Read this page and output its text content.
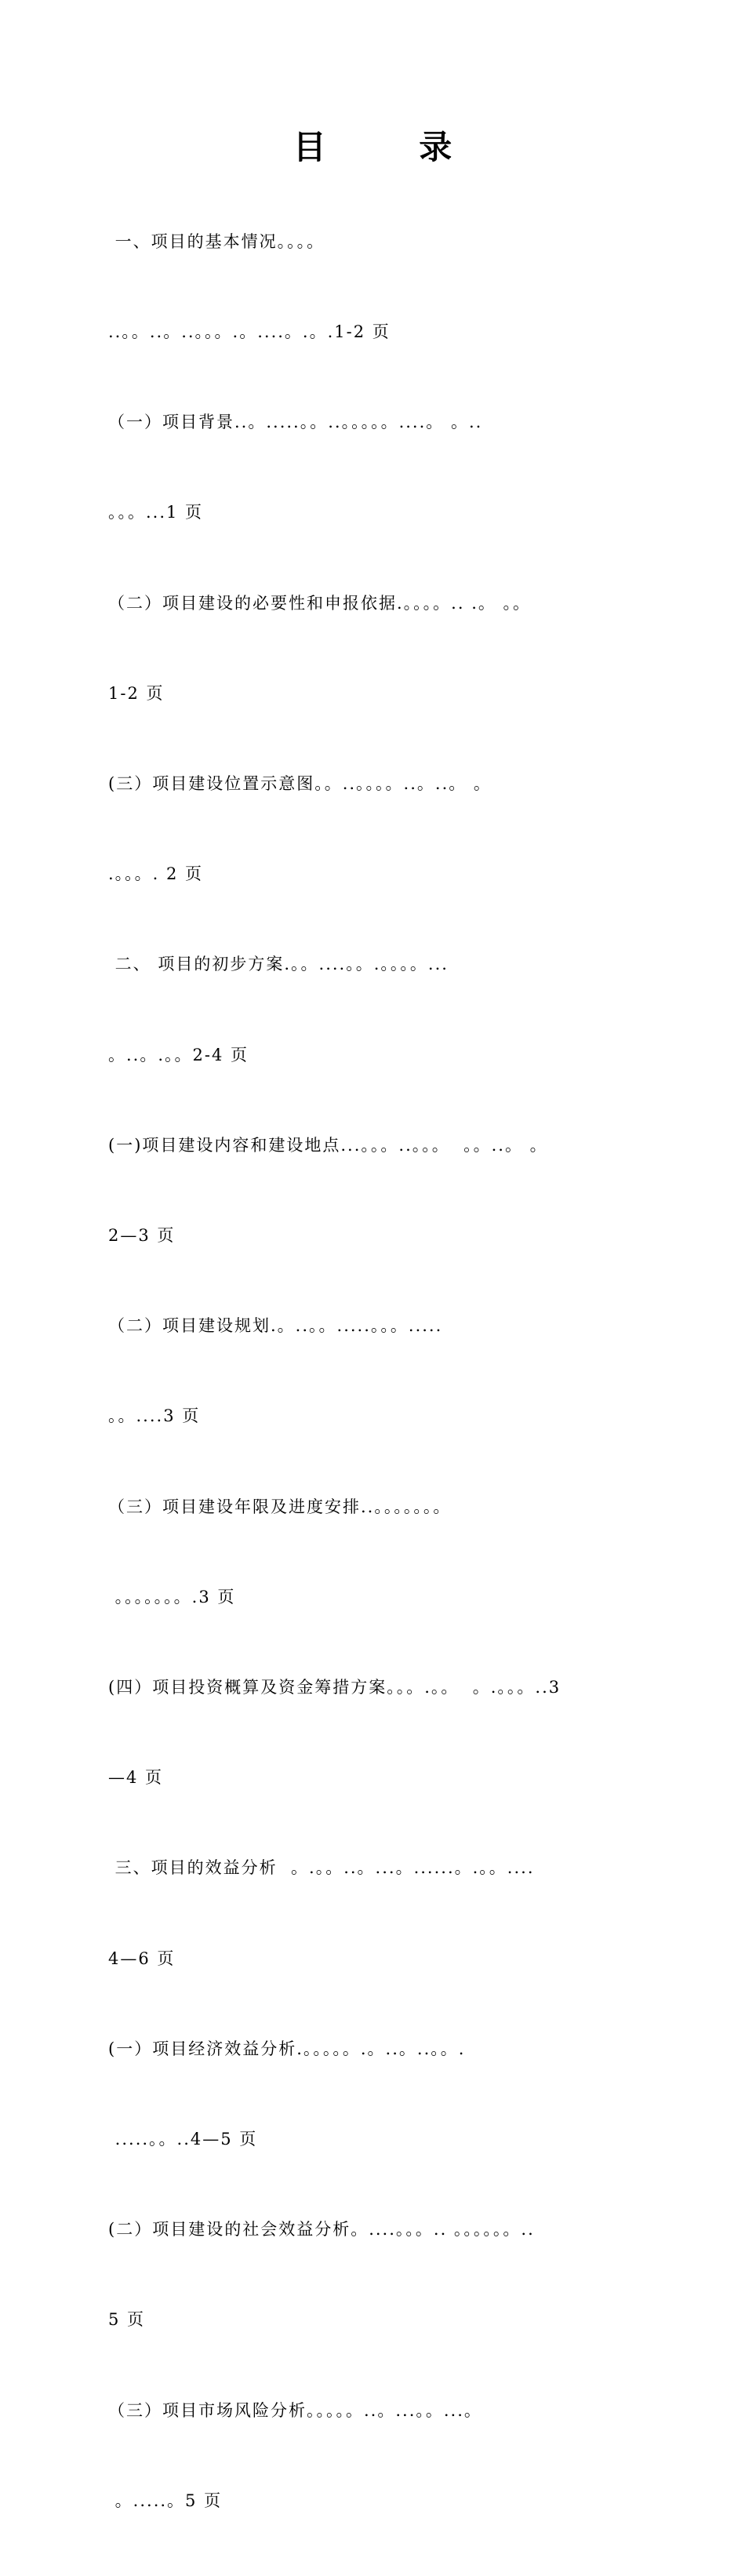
目 录

一、项目的基本情况。。。。

..。。..。..。。。.。....。.。.1-2 页

（一）项目背景..。.....。。..。。。。。....。 。..

。。。...1 页

（二）项目建设的必要性和申报依据.。。。。.. .。 。。

1-2 页

(三）项目建设位置示意图。。..。。。。..。..。 。

.。。。. 2 页

二、 项目的初步方案.。。....。。.。。。。...

。..。.。。2-4 页

(一)项目建设内容和建设地点...。。。..。。。  。。..。 。

2—3 页

（二）项目建设规划.。..。。.....。。。.....

。。....3 页

（三）项目建设年限及进度安排..。。。。。。。

。。。。。。。.3 页

(四）项目投资概算及资金筹措方案。。。.。。  。.。。。..3

—4 页

三、项目的效益分析  。.。。..。...。......。.。。....

4—6 页

(一）项目经济效益分析.。。。。。.。..。..。。.

.....。。..4—5 页

(二）项目建设的社会效益分析。....。。。.. 。。。。。。..

5 页

（三）项目市场风险分析。。。。。..。...。。...。

。.....。5 页
